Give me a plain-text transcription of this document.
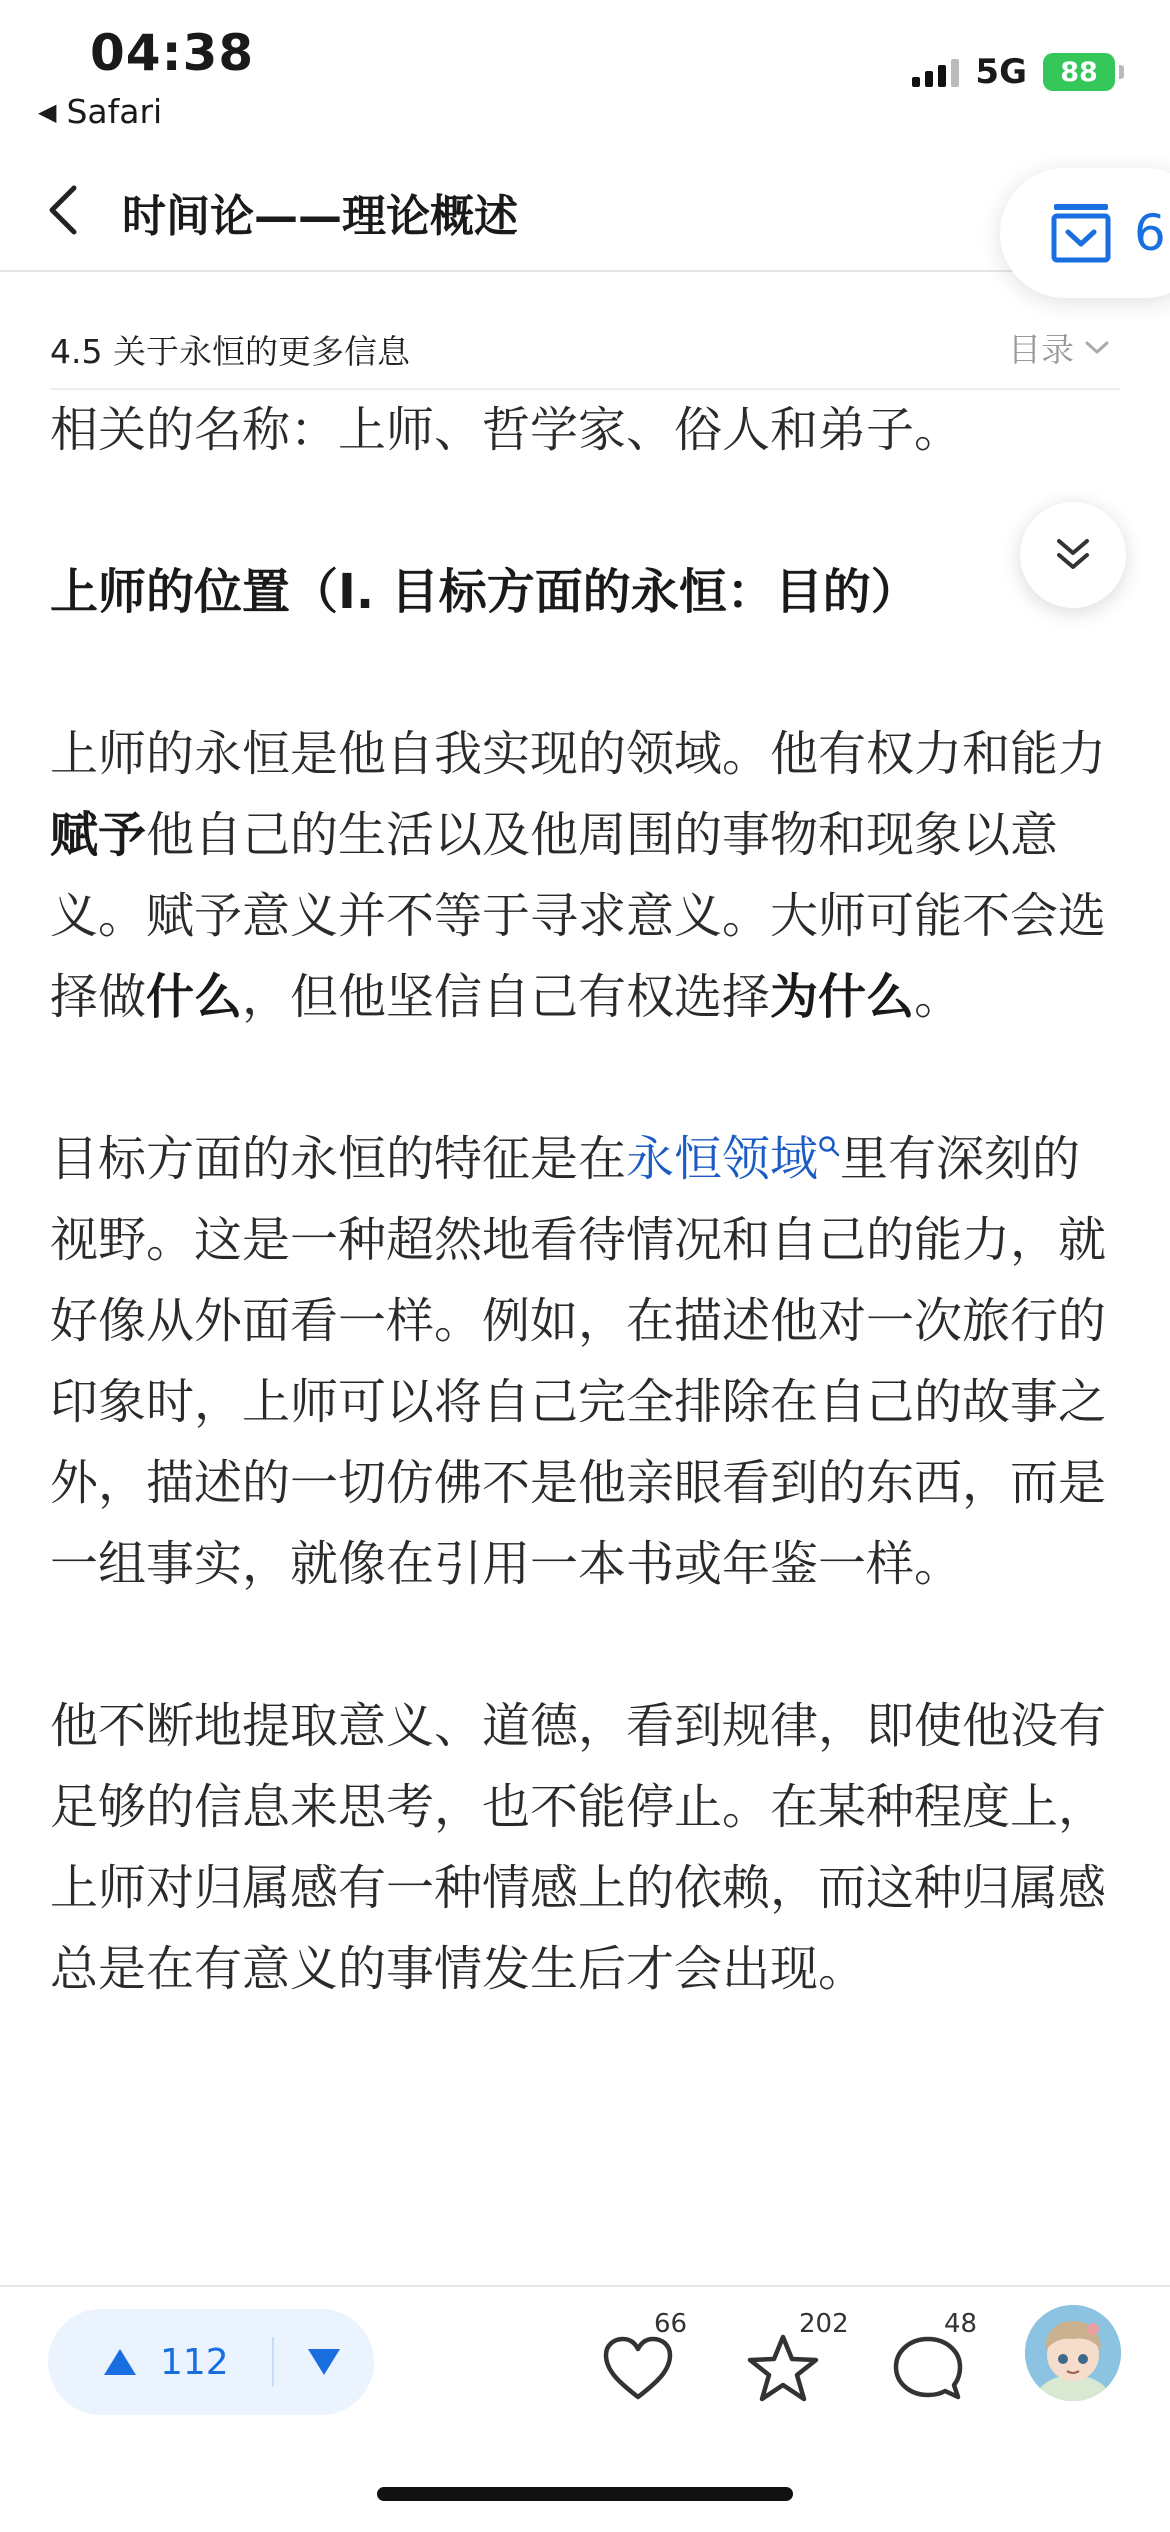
04:38
◀ Safari
5G 88
时间论——理论概述	6
4.5 关于永恒的更多信息	目录

相关的名称：上师、哲学家、俗人和弟子。

上师的位置（I. 目标方面的永恒：目的）

上师的永恒是他自我实现的领域。他有权力和能力赋予他自己的生活以及他周围的事物和现象以意义。赋予意义并不等于寻求意义。大师可能不会选择做什么，但他坚信自己有权选择为什么。

目标方面的永恒的特征是在永恒领域 里有深刻的视野。这是一种超然地看待情况和自己的能力，就好像从外面看一样。例如，在描述他对一次旅行的印象时，上师可以将自己完全排除在自己的故事之外，描述的一切仿佛不是他亲眼看到的东西，而是一组事实，就像在引用一本书或年鉴一样。

他不断地提取意义、道德，看到规律，即使他没有足够的信息来思考，也不能停止。在某种程度上，上师对归属感有一种情感上的依赖，而这种归属感总是在有意义的事情发生后才会出现。

112
66	202	48
